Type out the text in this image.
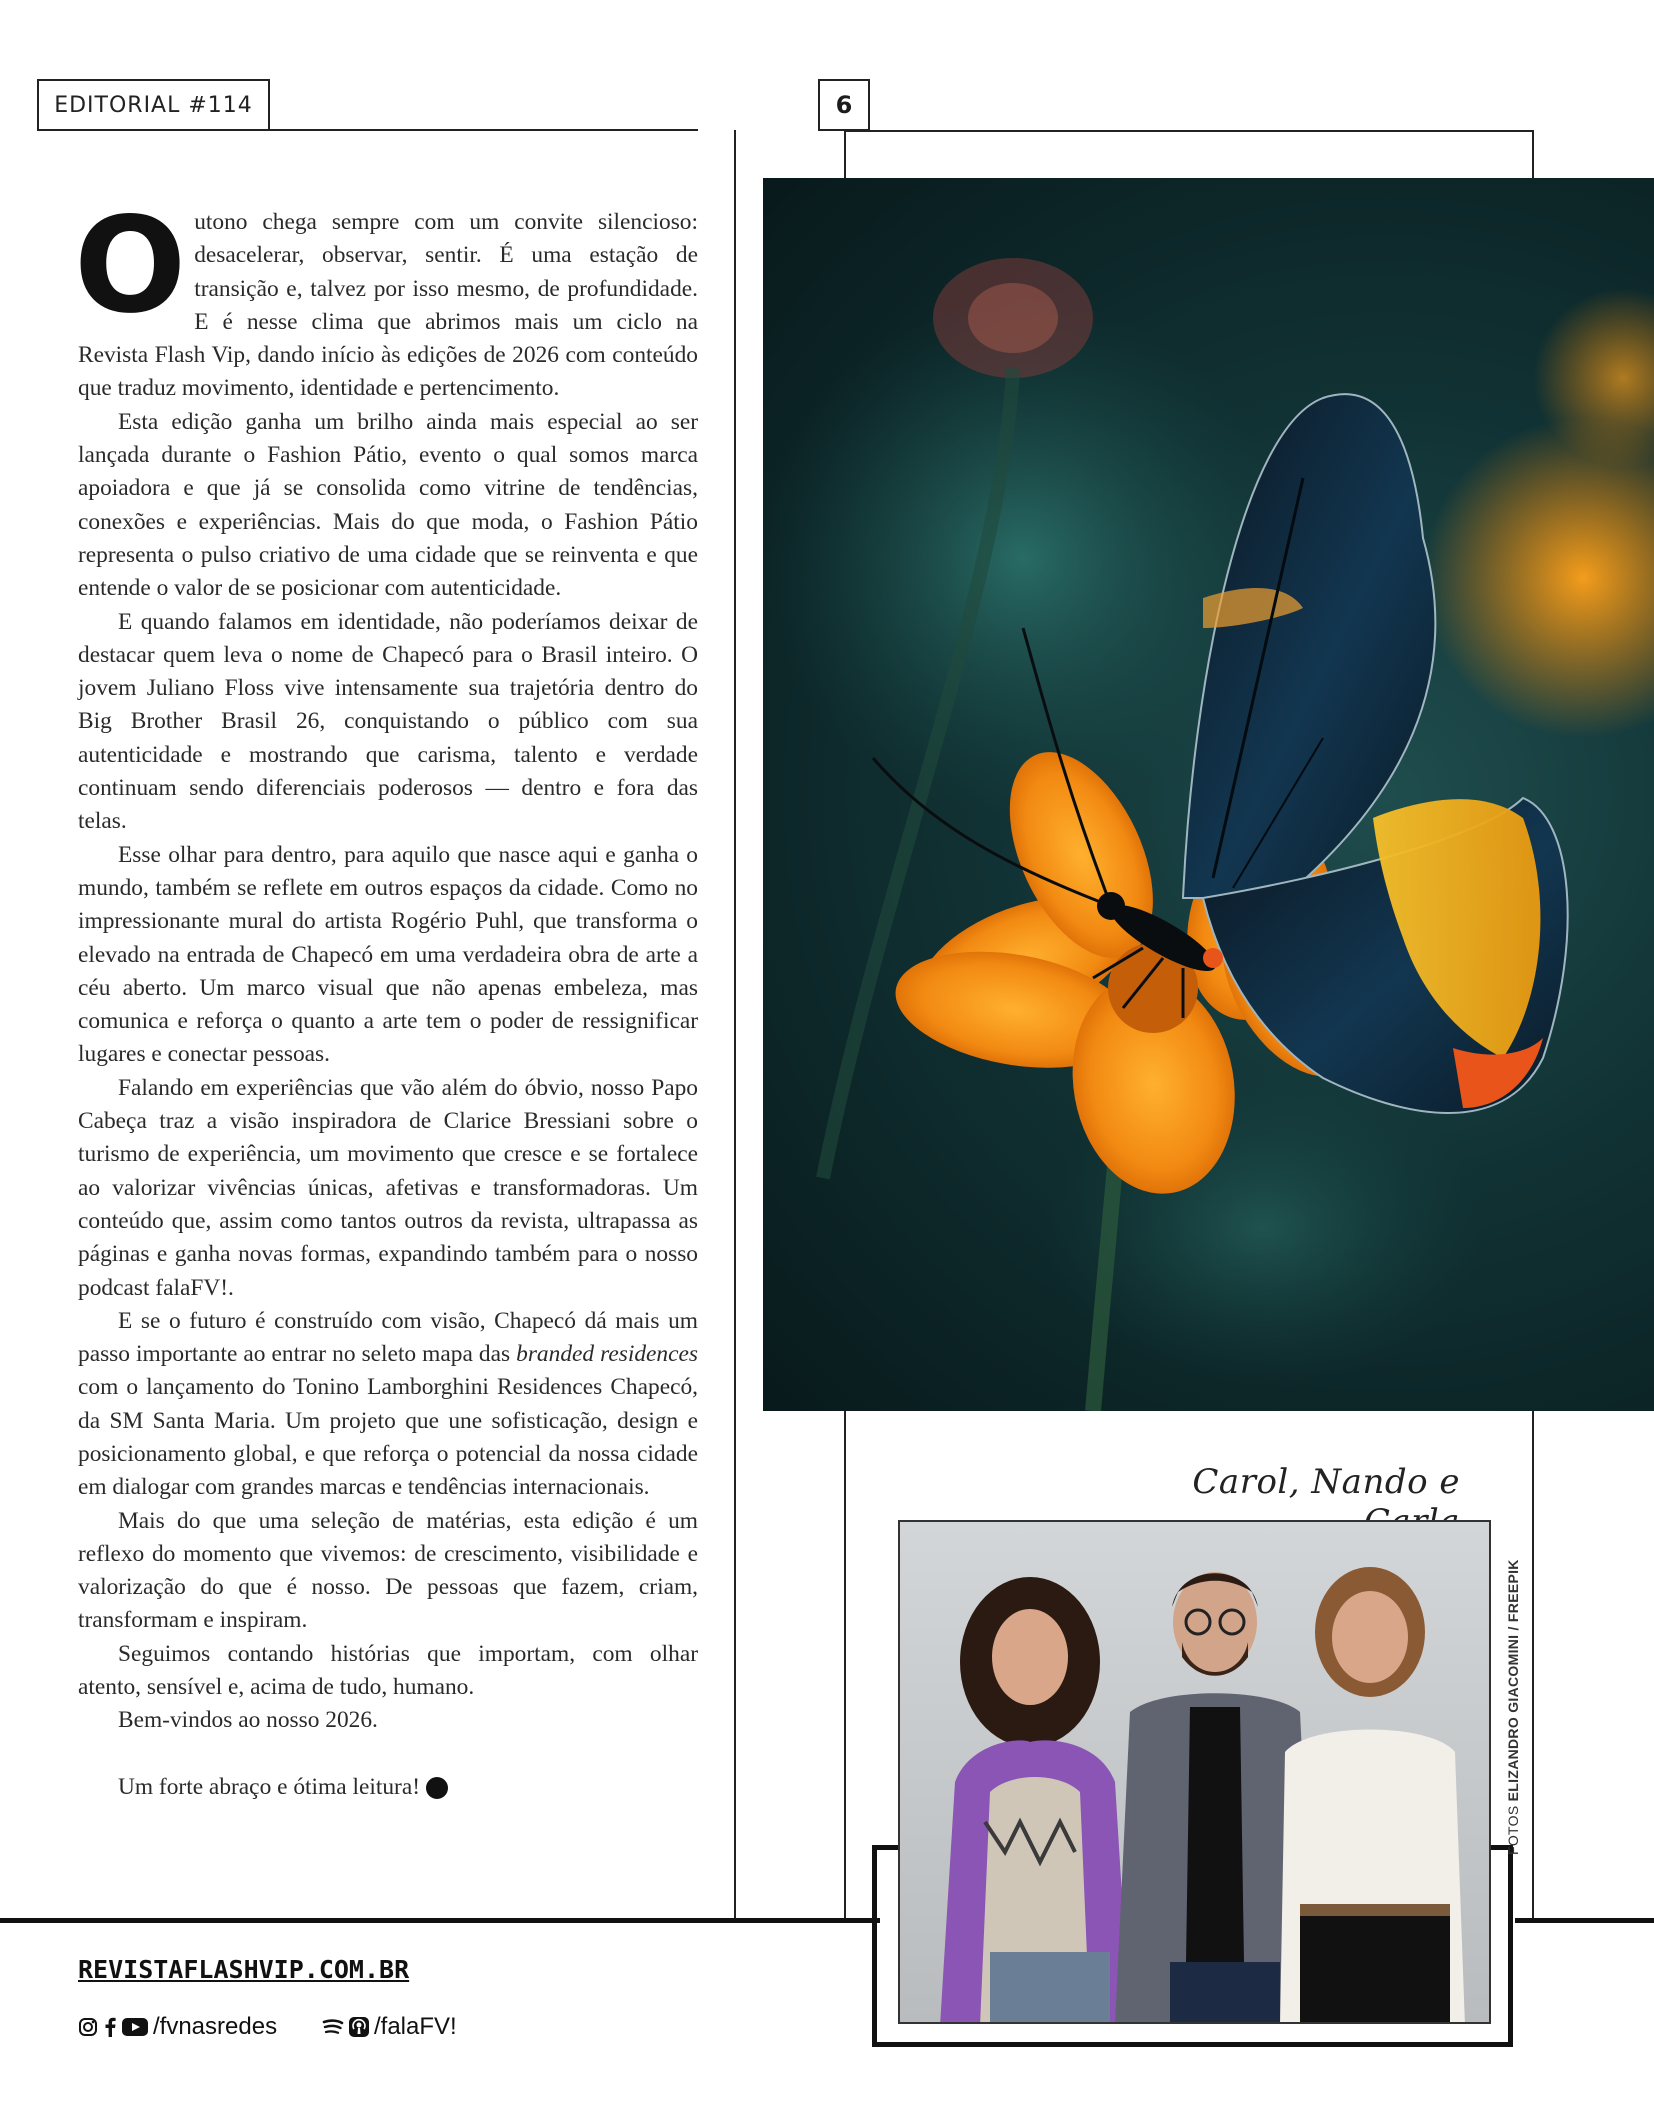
EDITORIAL #114	6

Outono chega sempre com um convite silencioso: desacelerar, observar, sentir. É uma estação de transição e, talvez por isso mesmo, de profundidade. E é nesse clima que abrimos mais um ciclo na Revista Flash Vip, dando início às edições de 2026 com conteúdo que traduz movimento, identidade e pertencimento.

Esta edição ganha um brilho ainda mais especial ao ser lançada durante o Fashion Pátio, evento o qual somos marca apoiadora e que já se consolida como vitrine de tendências, conexões e experiências. Mais do que moda, o Fashion Pátio representa o pulso criativo de uma cidade que se reinventa e que entende o valor de se posicionar com autenticidade.

E quando falamos em identidade, não poderíamos deixar de destacar quem leva o nome de Chapecó para o Brasil inteiro. O jovem Juliano Floss vive intensamente sua trajetória dentro do Big Brother Brasil 26, conquistando o público com sua autenticidade e mostrando que carisma, talento e verdade continuam sendo diferenciais poderosos — dentro e fora das telas.

Esse olhar para dentro, para aquilo que nasce aqui e ganha o mundo, também se reflete em outros espaços da cidade. Como no impressionante mural do artista Rogério Puhl, que transforma o elevado na entrada de Chapecó em uma verdadeira obra de arte a céu aberto. Um marco visual que não apenas embeleza, mas comunica e reforça o quanto a arte tem o poder de ressignificar lugares e conectar pessoas.

Falando em experiências que vão além do óbvio, nosso Papo Cabeça traz a visão inspiradora de Clarice Bressiani sobre o turismo de experiência, um movimento que cresce e se fortalece ao valorizar vivências únicas, afetivas e transformadoras. Um conteúdo que, assim como tantos outros da revista, ultrapassa as páginas e ganha novas formas, expandindo também para o nosso podcast falaFV!.

E se o futuro é construído com visão, Chapecó dá mais um passo importante ao entrar no seleto mapa das branded residences com o lançamento do Tonino Lamborghini Residences Chapecó, da SM Santa Maria. Um projeto que une sofisticação, design e posicionamento global, e que reforça o potencial da nossa cidade em dialogar com grandes marcas e tendências internacionais.

Mais do que uma seleção de matérias, esta edição é um reflexo do momento que vivemos: de crescimento, visibilidade e valorização do que é nosso. De pessoas que fazem, criam, transformam e inspiram.

Seguimos contando histórias que importam, com olhar atento, sensível e, acima de tudo, humano.

Bem-vindos ao nosso 2026.

Um forte abraço e ótima leitura!	⚡

Carol, Nando e
FOTOS ELIZANDRO GIACOMINI / FREEPIK
REVISTAFLASHVIP.COM.BR
/fvnasredes	/falaFV!
